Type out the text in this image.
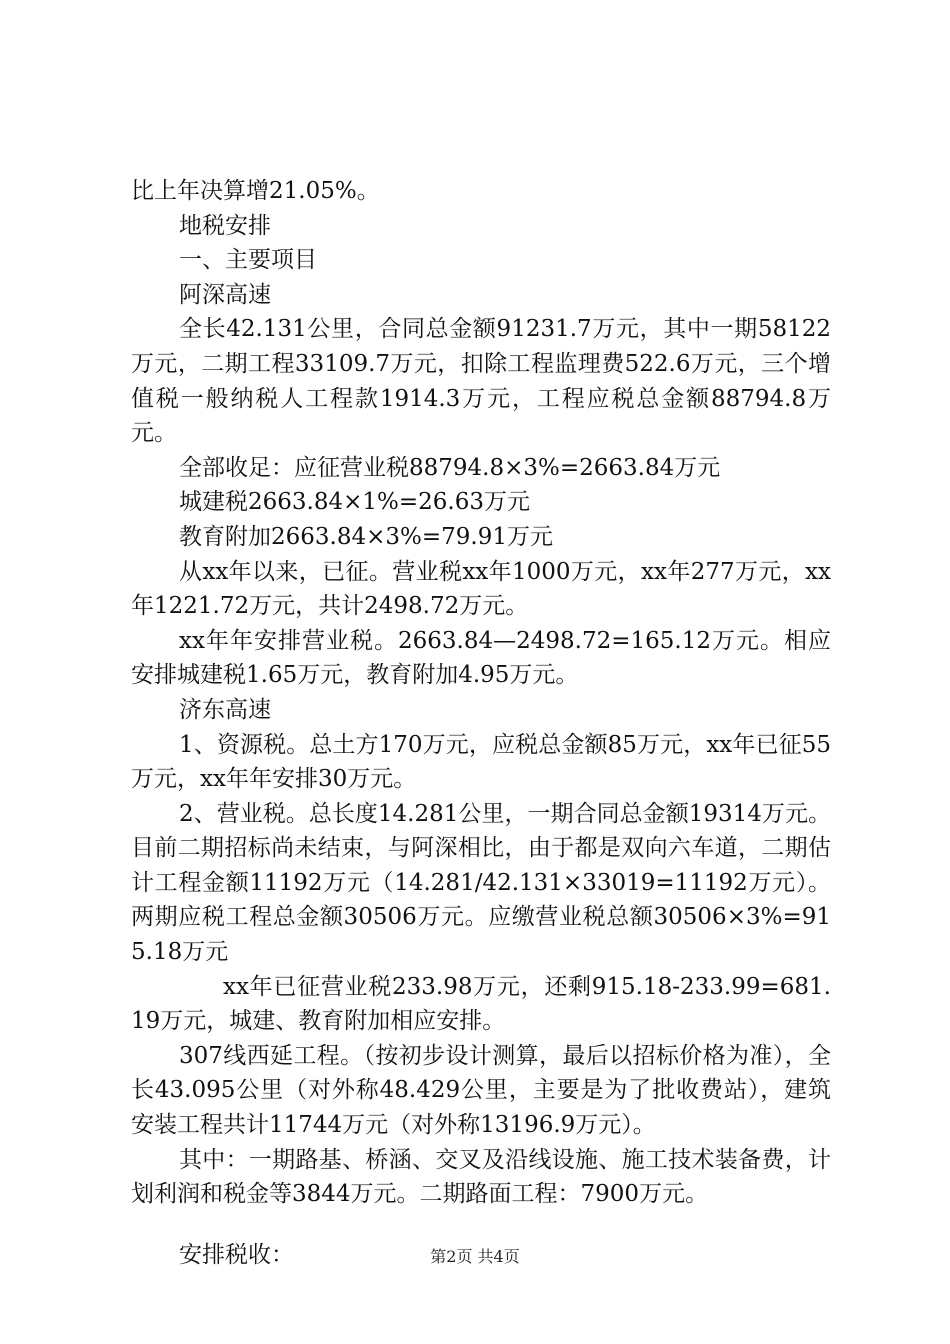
比上年决算增21.05%。

地税安排

一、主要项目

阿深高速

全长42.131公里，合同总金额91231.7万元，其中一期58122万元，二期工程33109.7万元，扣除工程监理费522.6万元，三个增值税一般纳税人工程款1914.3万元，工程应税总金额88794.8万元。

全部收足：应征营业税88794.8×3%=2663.84万元

城建税2663.84×1%=26.63万元

教育附加2663.84×3%=79.91万元

从xx年以来，已征。营业税xx年1000万元，xx年277万元，xx年1221.72万元，共计2498.72万元。

xx年年安排营业税。2663.84—2498.72=165.12万元。相应安排城建税1.65万元，教育附加4.95万元。

济东高速

1、资源税。总土方170万元，应税总金额85万元，xx年已征55万元，xx年年安排30万元。

2、营业税。总长度14.281公里，一期合同总金额19314万元。目前二期招标尚未结束，与阿深相比，由于都是双向六车道，二期估计工程金额11192万元（14.281/42.131×33019=11192万元）。两期应税工程总金额30506万元。应缴营业税总额30506×3%=915.18万元

xx年已征营业税233.98万元，还剩915.18-233.99=681.19万元，城建、教育附加相应安排。

307线西延工程。（按初步设计测算，最后以招标价格为准），全长43.095公里（对外称48.429公里，主要是为了批收费站），建筑安装工程共计11744万元（对外称13196.9万元）。

其中：一期路基、桥涵、交叉及沿线设施、施工技术装备费，计划利润和税金等3844万元。二期路面工程：7900万元。

安排税收：	第2页 共4页
